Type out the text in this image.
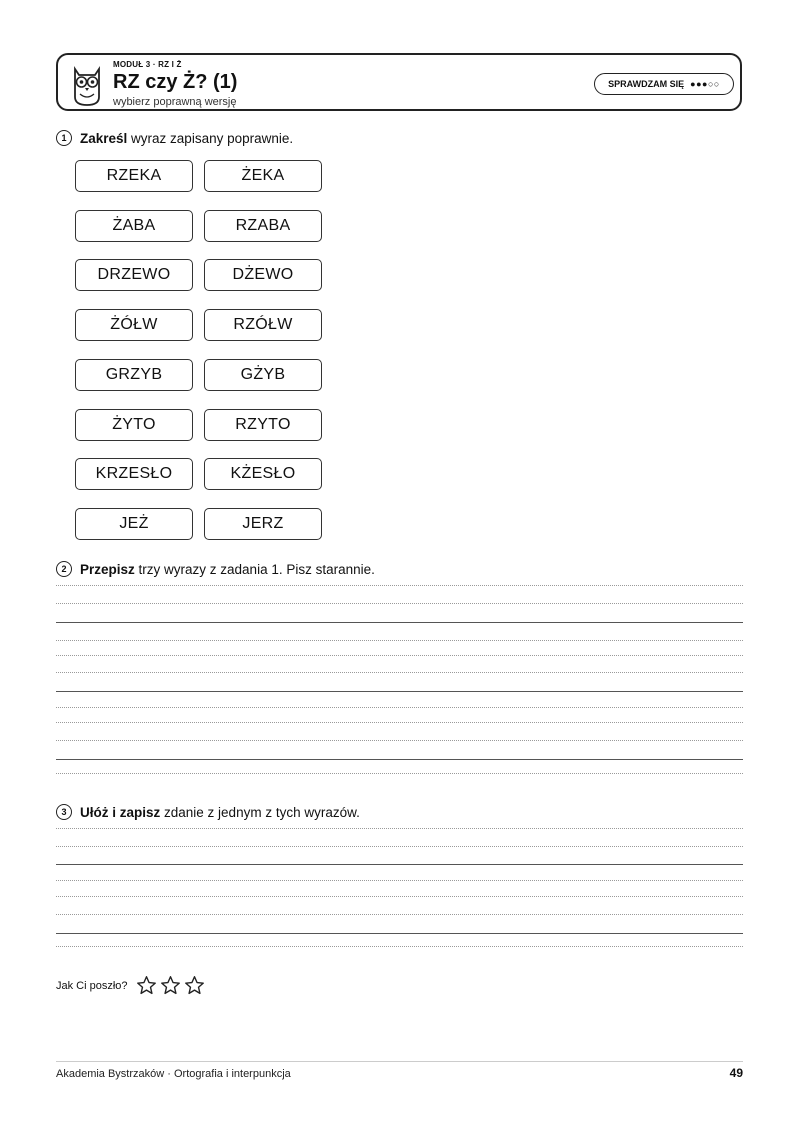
MODUŁ 3 · RZ I Ż
RZ czy Ż? (1)
wybierz poprawną wersję
SPRAWDZAM SIĘ ●●●○○
1	Zakreśl wyraz zapisany poprawnie.
RZEKA	ŻEKA
ŻABA	RZABA
DRZEWO	DŻEWO
ŻÓŁW	RZÓŁW
GRZYB	GŻYB
ŻYTO	RZYTO
KRZESŁO	KŻESŁO
JEŻ	JERZ
2	Przepisz trzy wyrazy z zadania 1. Pisz starannie.
3	Ułóż i zapisz zdanie z jednym z tych wyrazów.
Jak Ci poszło?
Akademia Bystrzaków · Ortografia i interpunkcja	49
